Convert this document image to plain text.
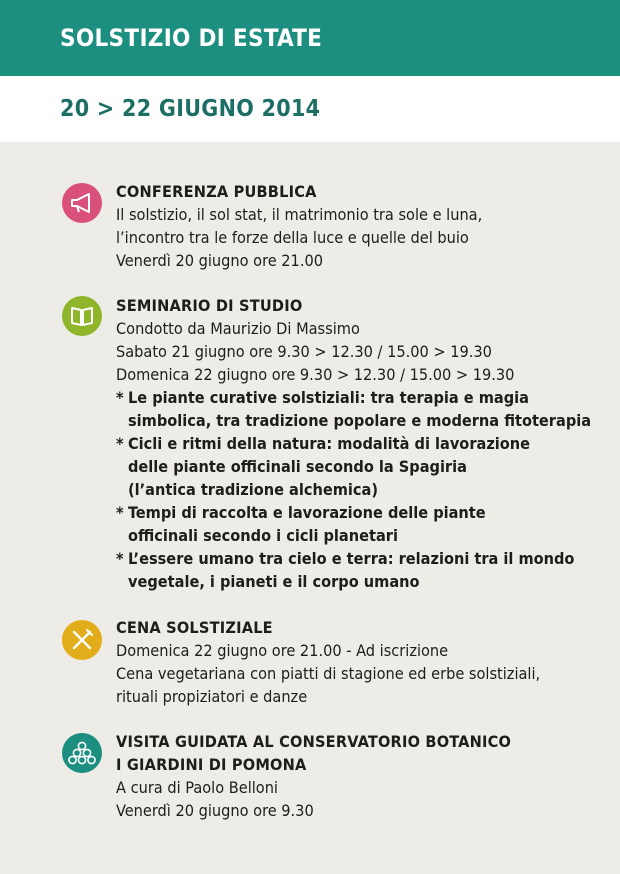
SOLSTIZIO DI ESTATE
20 > 22 GIUGNO 2014
CONFERENZA PUBBLICA
Il solstizio, il sol stat, il matrimonio tra sole e luna,
l’incontro tra le forze della luce e quelle del buio
Venerdì 20 giugno ore 21.00
SEMINARIO DI STUDIO
Condotto da Maurizio Di Massimo
Sabato 21 giugno ore 9.30 > 12.30 / 15.00 > 19.30
Domenica 22 giugno ore 9.30 > 12.30 / 15.00 > 19.30
* Le piante curative solstiziali: tra terapia e magia
simbolica, tra tradizione popolare e moderna fitoterapia
* Cicli e ritmi della natura: modalità di lavorazione
delle piante officinali secondo la Spagiria
(l’antica tradizione alchemica)
* Tempi di raccolta e lavorazione delle piante
officinali secondo i cicli planetari
* L’essere umano tra cielo e terra: relazioni tra il mondo
vegetale, i pianeti e il corpo umano
CENA SOLSTIZIALE
Domenica 22 giugno ore 21.00 - Ad iscrizione
Cena vegetariana con piatti di stagione ed erbe solstiziali,
rituali propiziatori e danze
VISITA GUIDATA AL CONSERVATORIO BOTANICO
I GIARDINI DI POMONA
A cura di Paolo Belloni
Venerdì 20 giugno ore 9.30
